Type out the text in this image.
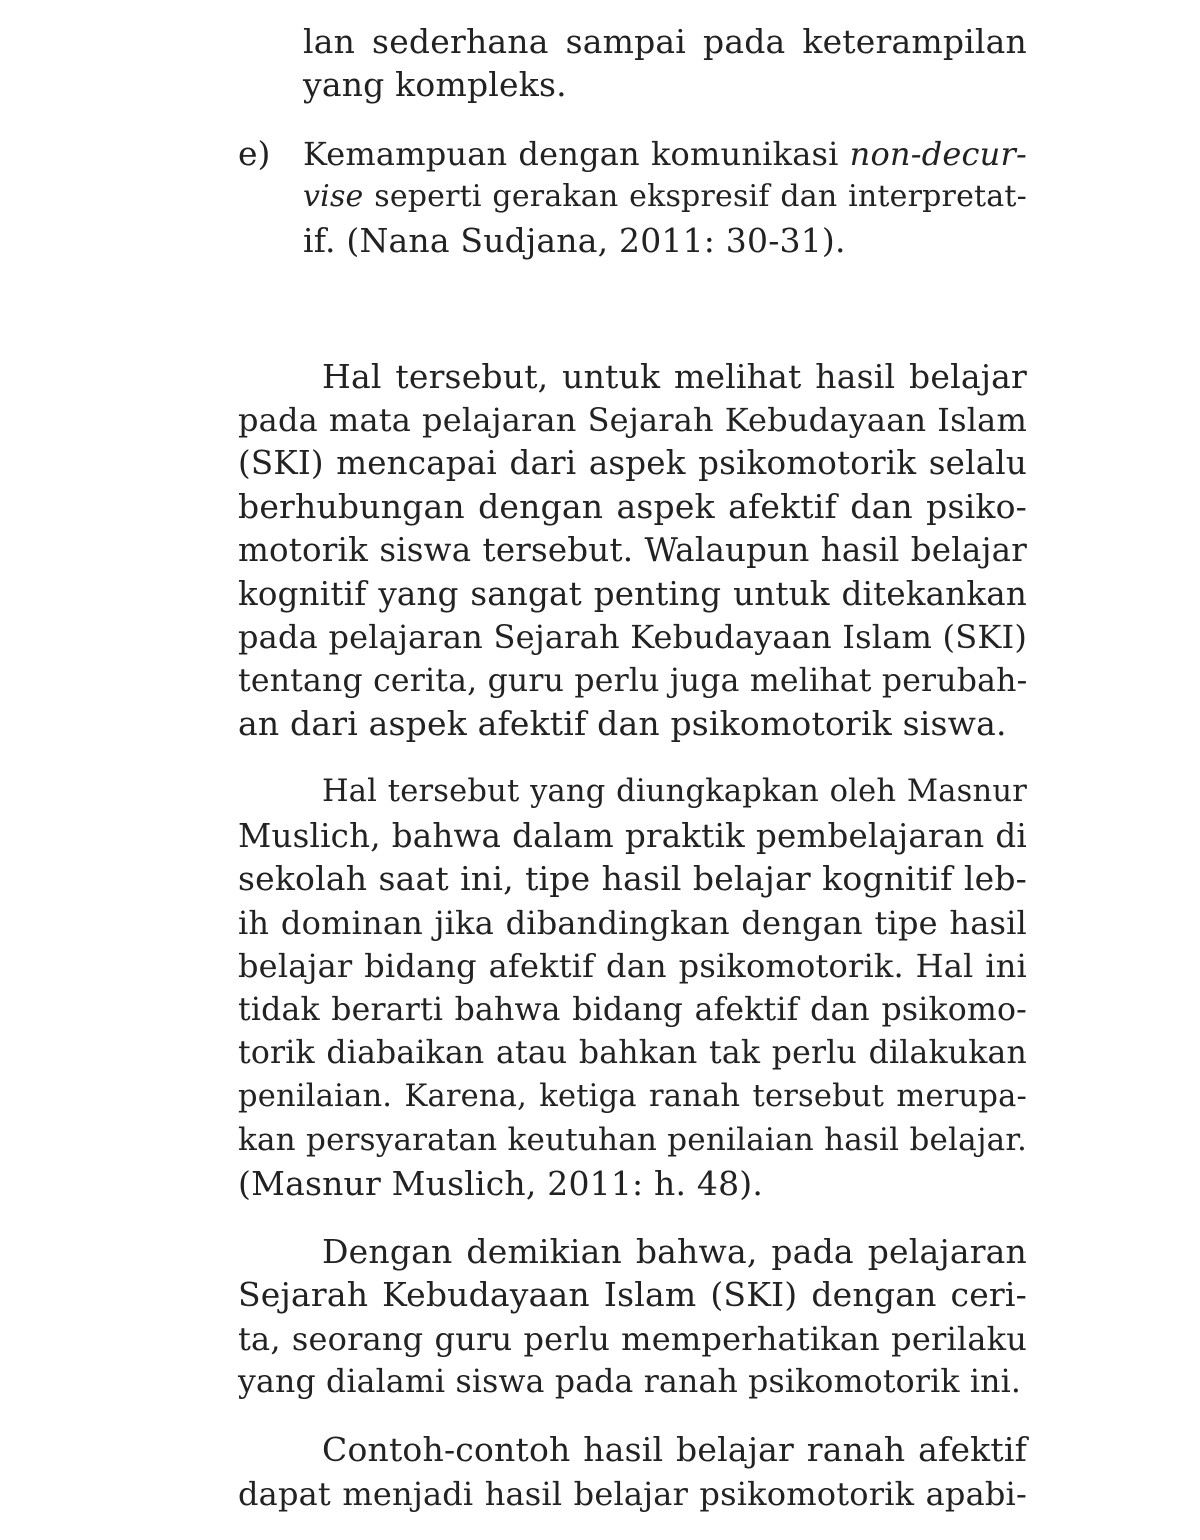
lan sederhana sampai pada keterampilan
yang kompleks.
e) Kemampuan dengan komunikasi non-decur-
vise seperti gerakan ekspresif dan interpretat-
if. (Nana Sudjana, 2011: 30-31).
Hal tersebut, untuk melihat hasil belajar
pada mata pelajaran Sejarah Kebudayaan Islam
(SKI) mencapai dari aspek psikomotorik selalu
berhubungan dengan aspek afektif dan psiko-
motorik siswa tersebut. Walaupun hasil belajar
kognitif yang sangat penting untuk ditekankan
pada pelajaran Sejarah Kebudayaan Islam (SKI)
tentang cerita, guru perlu juga melihat perubah-
an dari aspek afektif dan psikomotorik siswa.
Hal tersebut yang diungkapkan oleh Masnur
Muslich, bahwa dalam praktik pembelajaran di
sekolah saat ini, tipe hasil belajar kognitif leb-
ih dominan jika dibandingkan dengan tipe hasil
belajar bidang afektif dan psikomotorik. Hal ini
tidak berarti bahwa bidang afektif dan psikomo-
torik diabaikan atau bahkan tak perlu dilakukan
penilaian. Karena, ketiga ranah tersebut merupa-
kan persyaratan keutuhan penilaian hasil belajar.
(Masnur Muslich, 2011: h. 48).
Dengan demikian bahwa, pada pelajaran
Sejarah Kebudayaan Islam (SKI) dengan ceri-
ta, seorang guru perlu memperhatikan perilaku
yang dialami siswa pada ranah psikomotorik ini.
Contoh-contoh hasil belajar ranah afektif
dapat menjadi hasil belajar psikomotorik apabi-
